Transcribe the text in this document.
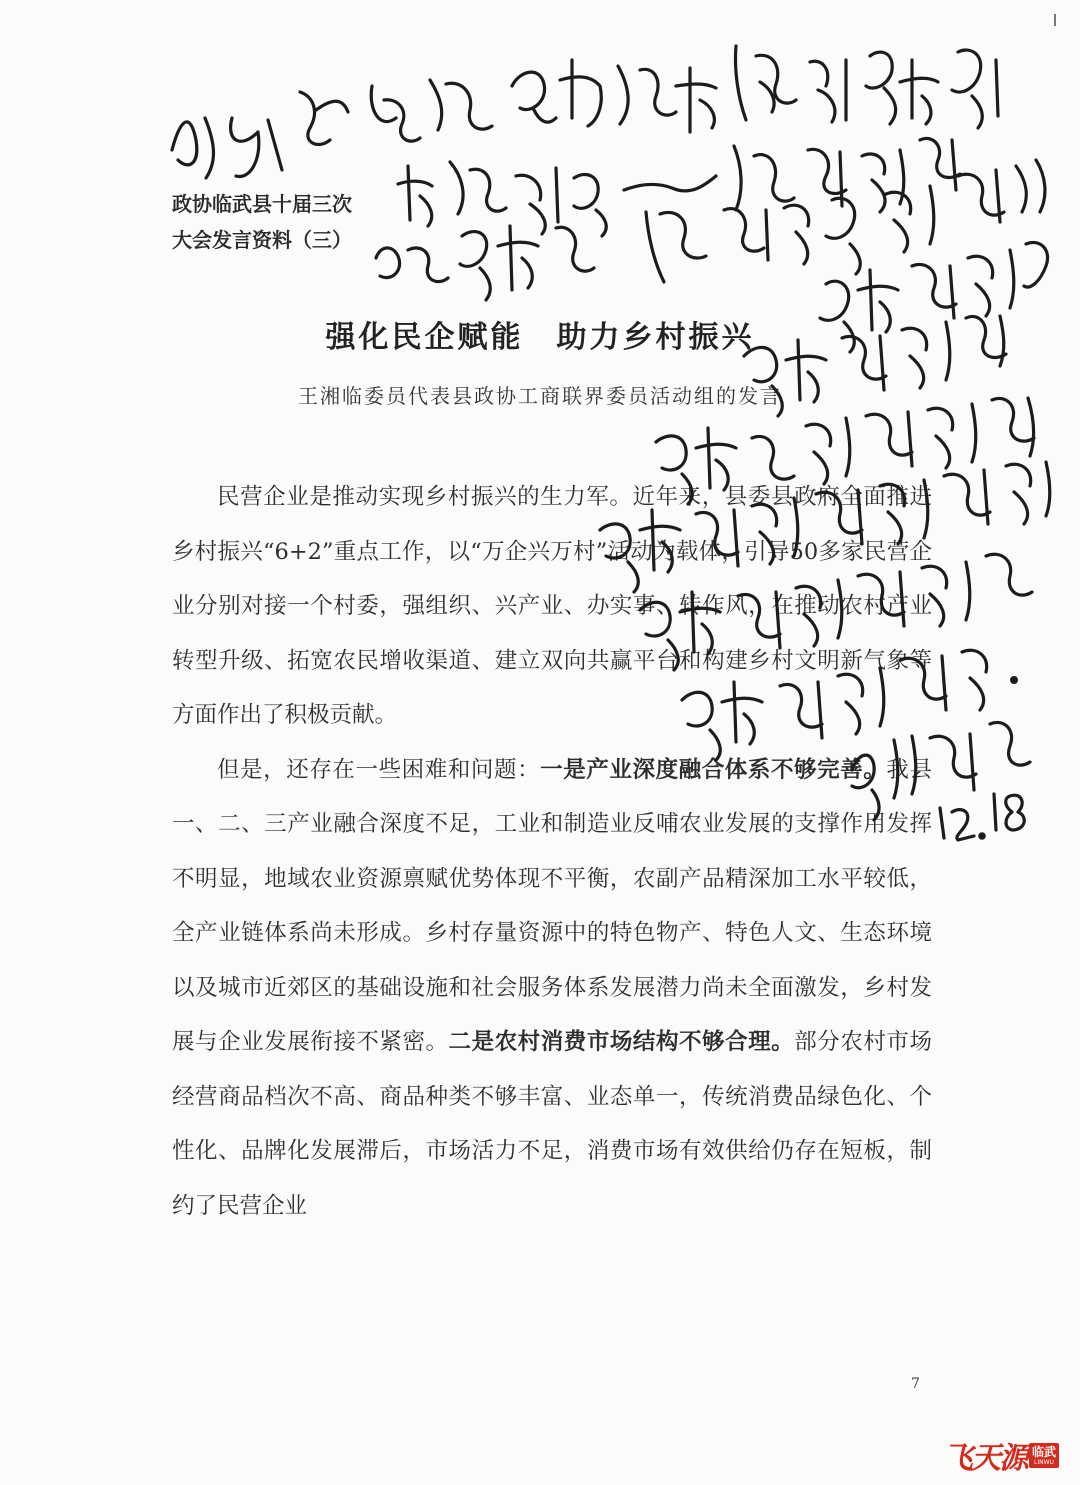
政协临武县十届三次
大会发言资料（三）
强化民企赋能　助力乡村振兴
王湘临委员代表县政协工商联界委员活动组的发言

民营企业是推动实现乡村振兴的生力军。近年来，县委县政府全面推进乡村振兴“6+2”重点工作，以“万企兴万村”活动为载体，引导50多家民营企业分别对接一个村委，强组织、兴产业、办实事、转作风，在推动农村产业转型升级、拓宽农民增收渠道、建立双向共赢平台和构建乡村文明新气象等方面作出了积极贡献。

但是，还存在一些困难和问题：一是产业深度融合体系不够完善。我县一、二、三产业融合深度不足，工业和制造业反哺农业发展的支撑作用发挥不明显，地域农业资源禀赋优势体现不平衡，农副产品精深加工水平较低，全产业链体系尚未形成。乡村存量资源中的特色物产、特色人文、生态环境以及城市近郊区的基础设施和社会服务体系发展潜力尚未全面激发，乡村发展与企业发展衔接不紧密。二是农村消费市场结构不够合理。部分农村市场经营商品档次不高、商品种类不够丰富、业态单一，传统消费品绿色化、个性化、品牌化发展滞后，市场活力不足，消费市场有效供给仍存在短板，制约了民营企业

7
飞天源 临武
LINWU
